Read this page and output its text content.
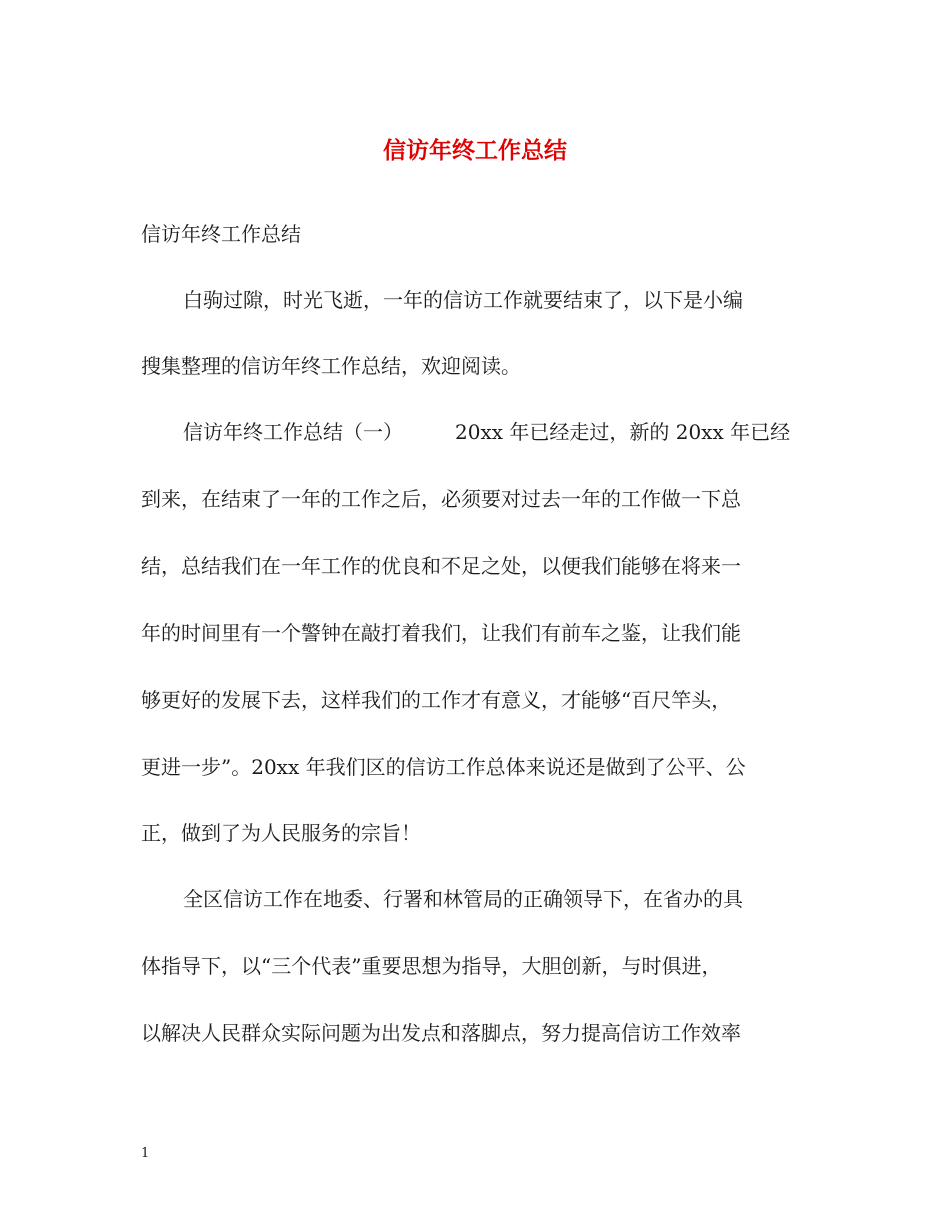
信访年终工作总结

信访年终工作总结

白驹过隙，时光飞逝，一年的信访工作就要结束了，以下是小编

搜集整理的信访年终工作总结，欢迎阅读。

信访年终工作总结（一）	20xx 年已经走过，新的 20xx 年已经

到来，在结束了一年的工作之后，必须要对过去一年的工作做一下总

结，总结我们在一年工作的优良和不足之处，以便我们能够在将来一

年的时间里有一个警钟在敲打着我们，让我们有前车之鉴，让我们能

够更好的发展下去，这样我们的工作才有意义，才能够“百尺竿头，

更进一步”。20xx 年我们区的信访工作总体来说还是做到了公平、公

正，做到了为人民服务的宗旨！

全区信访工作在地委、行署和林管局的正确领导下，在省办的具

体指导下，以“三个代表”重要思想为指导，大胆创新，与时俱进，

以解决人民群众实际问题为出发点和落脚点，努力提高信访工作效率

1
